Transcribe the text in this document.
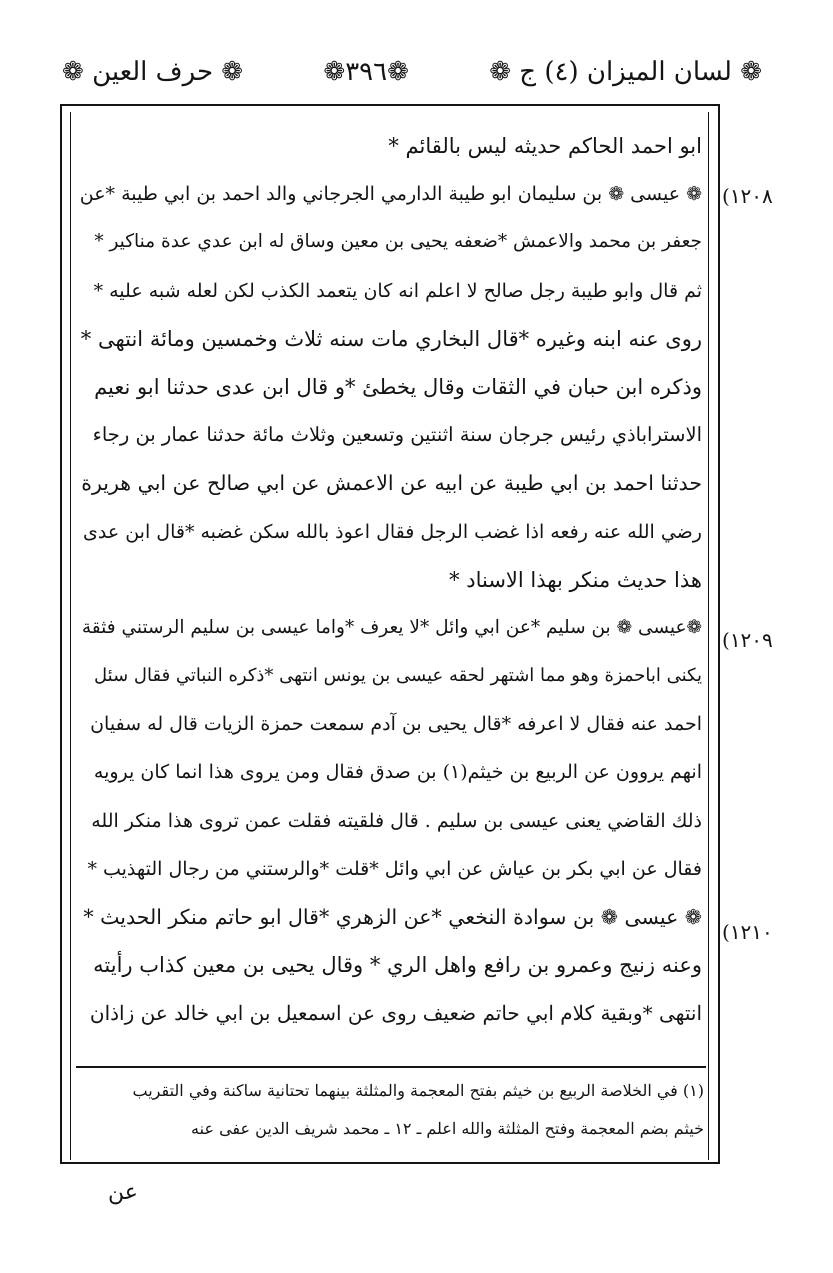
❁ لسان الميزان (٤) ج ❁
❁٣٩٦❁
❁ حرف العين ❁
ابو احمد الحاكم حديثه ليس بالقائم *
❁ عيسى ❁ بن سليمان ابو طيبة الدارمي الجرجاني والد احمد بن ابي طيبة *عن
جعفر بن محمد والاعمش *ضعفه يحيى بن معين وساق له ابن عدي عدة مناكير *
ثم قال وابو طيبة رجل صالح لا اعلم انه كان يتعمد الكذب لكن لعله شبه عليه *
روى عنه ابنه وغيره *قال البخاري مات سنه ثلاث وخمسين ومائة انتهى *
وذكره ابن حبان في الثقات وقال يخطئ *و قال ابن عدى حدثنا ابو نعيم
الاستراباذي رئيس جرجان سنة اثنتين وتسعين وثلاث مائة حدثنا عمار بن رجاء
حدثنا احمد بن ابي طيبة عن ابيه عن الاعمش عن ابي صالح عن ابي هريرة
رضي الله عنه رفعه اذا غضب الرجل فقال اعوذ بالله سكن غضبه *قال ابن عدى
هذا حديث منكر بهذا الاسناد *
❁عيسى ❁ بن سليم *عن ابي وائل *لا يعرف *واما عيسى بن سليم الرستني فثقة
يكنى اباحمزة وهو مما اشتهر لحقه عيسى بن يونس انتهى *ذكره النباتي فقال سئل
احمد عنه فقال لا اعرفه *قال يحيى بن آدم سمعت حمزة الزيات قال له سفيان
انهم يروون عن الربيع بن خيثم(١) بن صدق فقال ومن يروى هذا انما كان يرويه
ذلك القاضي يعنى عيسى بن سليم . قال فلقيته فقلت عمن تروى هذا منكر الله
فقال عن ابي بكر بن عياش عن ابي وائل *قلت *والرستني من رجال التهذيب *
❁ عيسى ❁ بن سوادة النخعي *عن الزهري *قال ابو حاتم منكر الحديث *
وعنه زنيج وعمرو بن رافع واهل الري * وقال يحيى بن معين كذاب رأيته
انتهى *وبقية كلام ابي حاتم ضعيف روى عن اسمعيل بن ابي خالد عن زاذان
(١٢٠٨
(١٢٠٩
(١٢١٠
(١) في الخلاصة الربيع بن خيثم بفتح المعجمة والمثلثة بينهما تحتانية ساكنة وفي التقريب
خيثم بضم المعجمة وفتح المثلثة والله اعلم ـ ١٢ ـ محمد شريف الدين عفى عنه
عن
